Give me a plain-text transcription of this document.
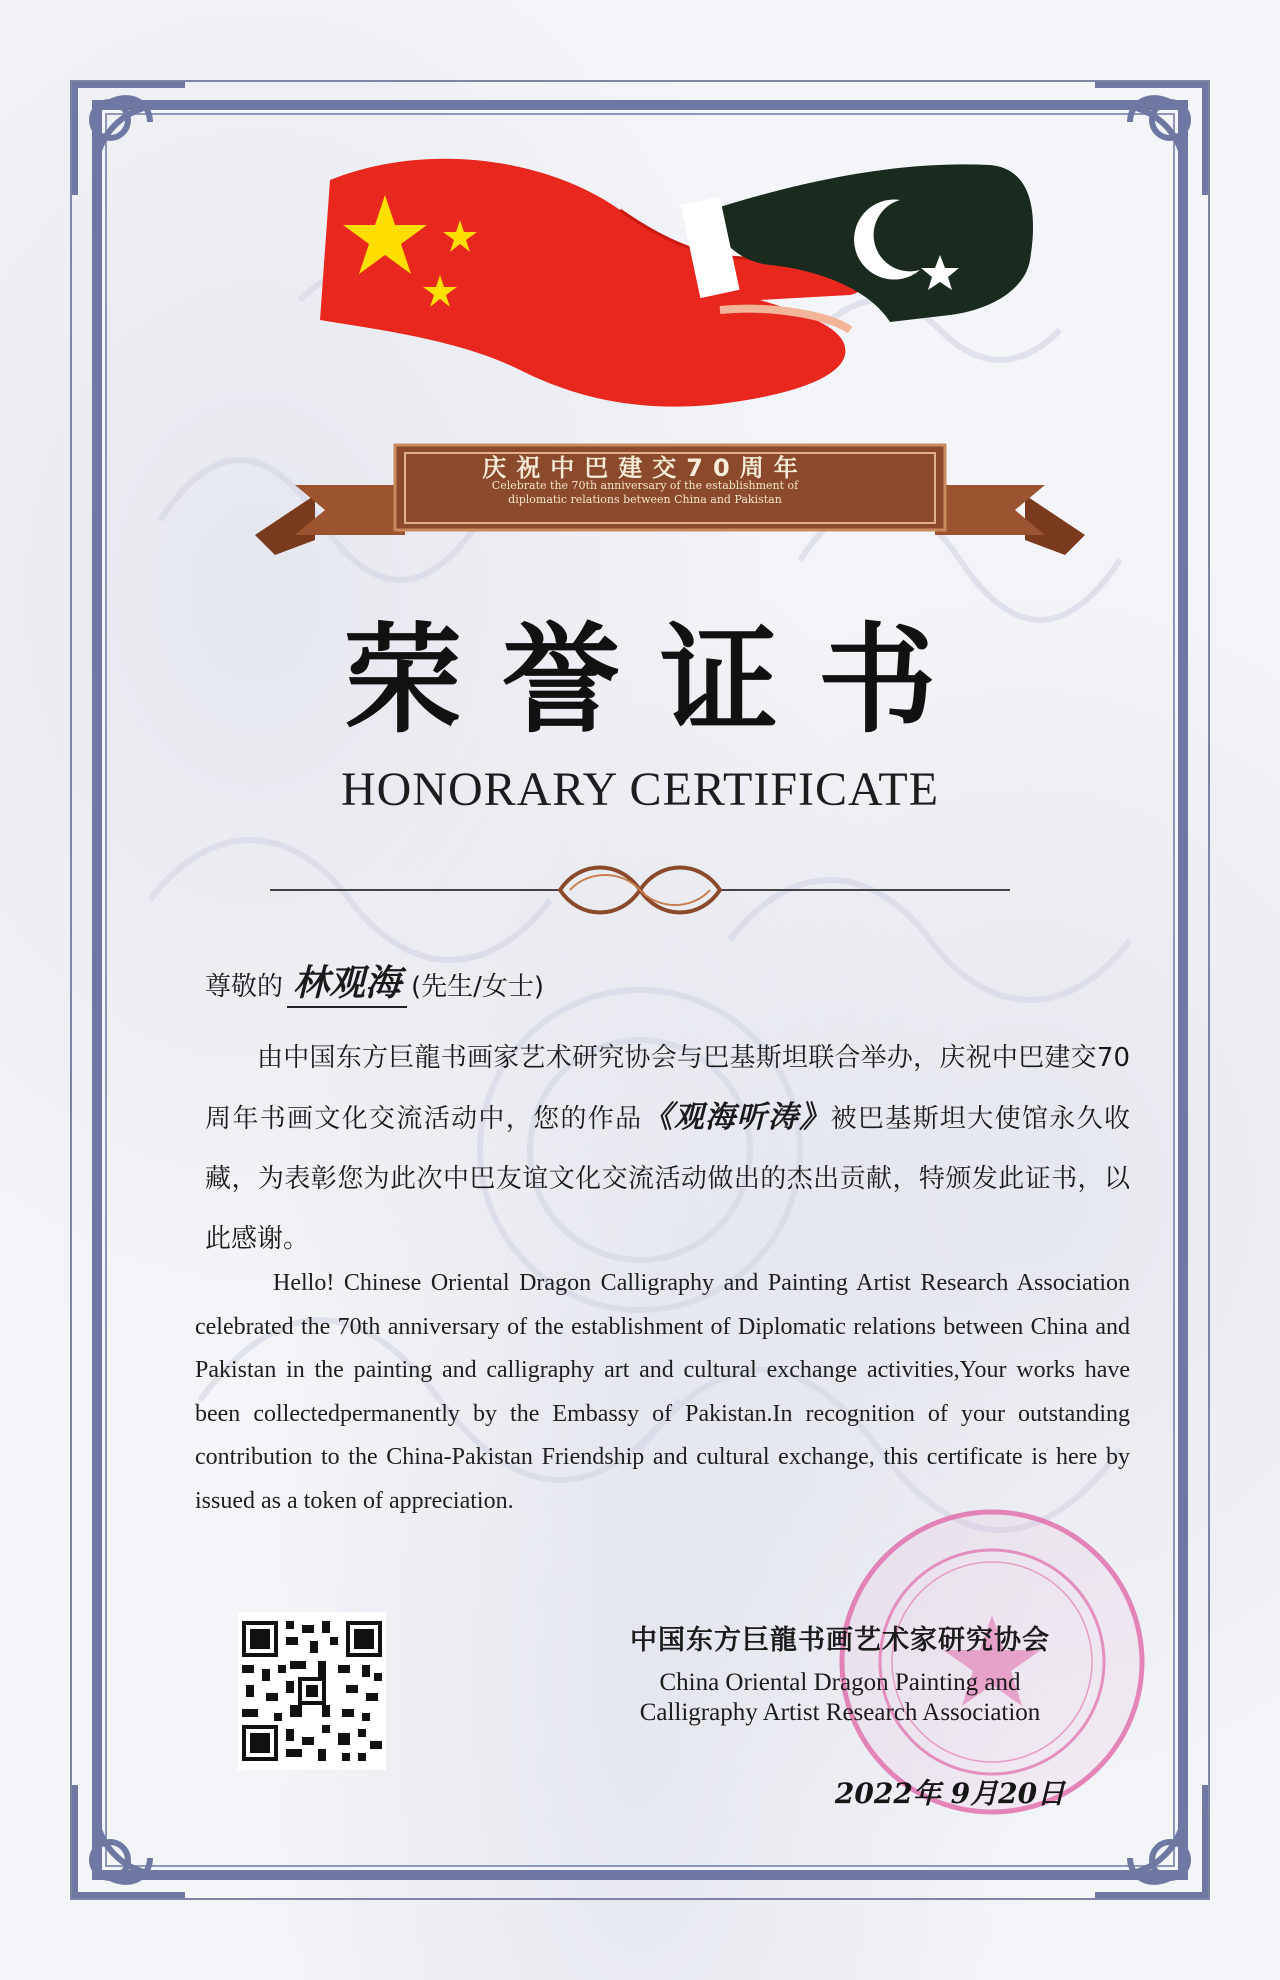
庆祝中巴建交70周年
Celebrate the 70th anniversary of the establishment of
diplomatic relations between China and Pakistan
荣誉证书
HONORARY CERTIFICATE
尊敬的 林观海 (先生/女士)
由中国东方巨龍书画家艺术研究协会与巴基斯坦联合举办，庆祝中巴建交70周年书画文化交流活动中，您的作品《观海听涛》被巴基斯坦大使馆永久收藏，为表彰您为此次中巴友谊文化交流活动做出的杰出贡献，特颁发此证书，以此感谢。
Hello! Chinese Oriental Dragon Calligraphy and Painting Artist Research Association celebrated the 70th anniversary of the establishment of Diplomatic relations between China and Pakistan in the painting and calligraphy art and cultural exchange activities,Your works have been collectedpermanently by the Embassy of Pakistan.In recognition of your outstanding contribution to the China-Pakistan Friendship and cultural exchange, this certificate is here by issued as a token of appreciation.
中国东方巨龍书画艺术家研究协会
China Oriental Dragon Painting and
Calligraphy Artist Research Association
2022年 9月20日
